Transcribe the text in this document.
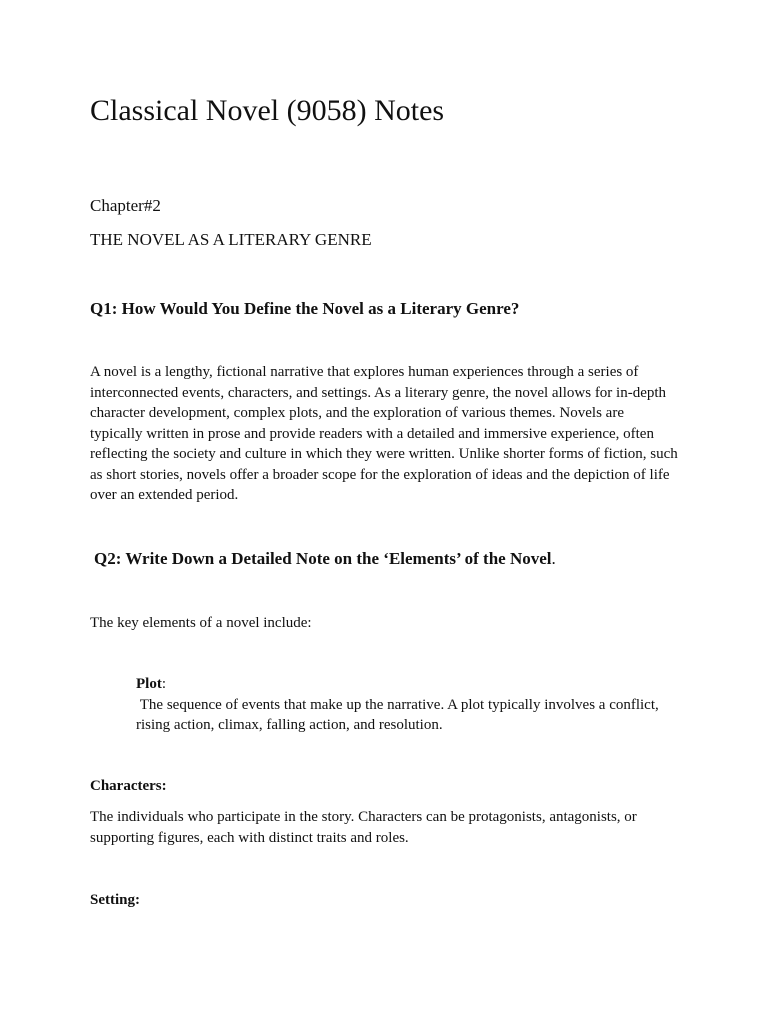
Classical Novel (9058) Notes

Chapter#2

THE NOVEL AS A LITERARY GENRE

Q1: How Would You Define the Novel as a Literary Genre?

A novel is a lengthy, fictional narrative that explores human experiences through a series of interconnected events, characters, and settings. As a literary genre, the novel allows for in-depth character development, complex plots, and the exploration of various themes. Novels are typically written in prose and provide readers with a detailed and immersive experience, often reflecting the society and culture in which they were written. Unlike shorter forms of fiction, such as short stories, novels offer a broader scope for the exploration of ideas and the depiction of life over an extended period.

Q2: Write Down a Detailed Note on the ‘Elements’ of the Novel.

The key elements of a novel include:

Plot:
The sequence of events that make up the narrative. A plot typically involves a conflict, rising action, climax, falling action, and resolution.

Characters:

The individuals who participate in the story. Characters can be protagonists, antagonists, or supporting figures, each with distinct traits and roles.

Setting:
